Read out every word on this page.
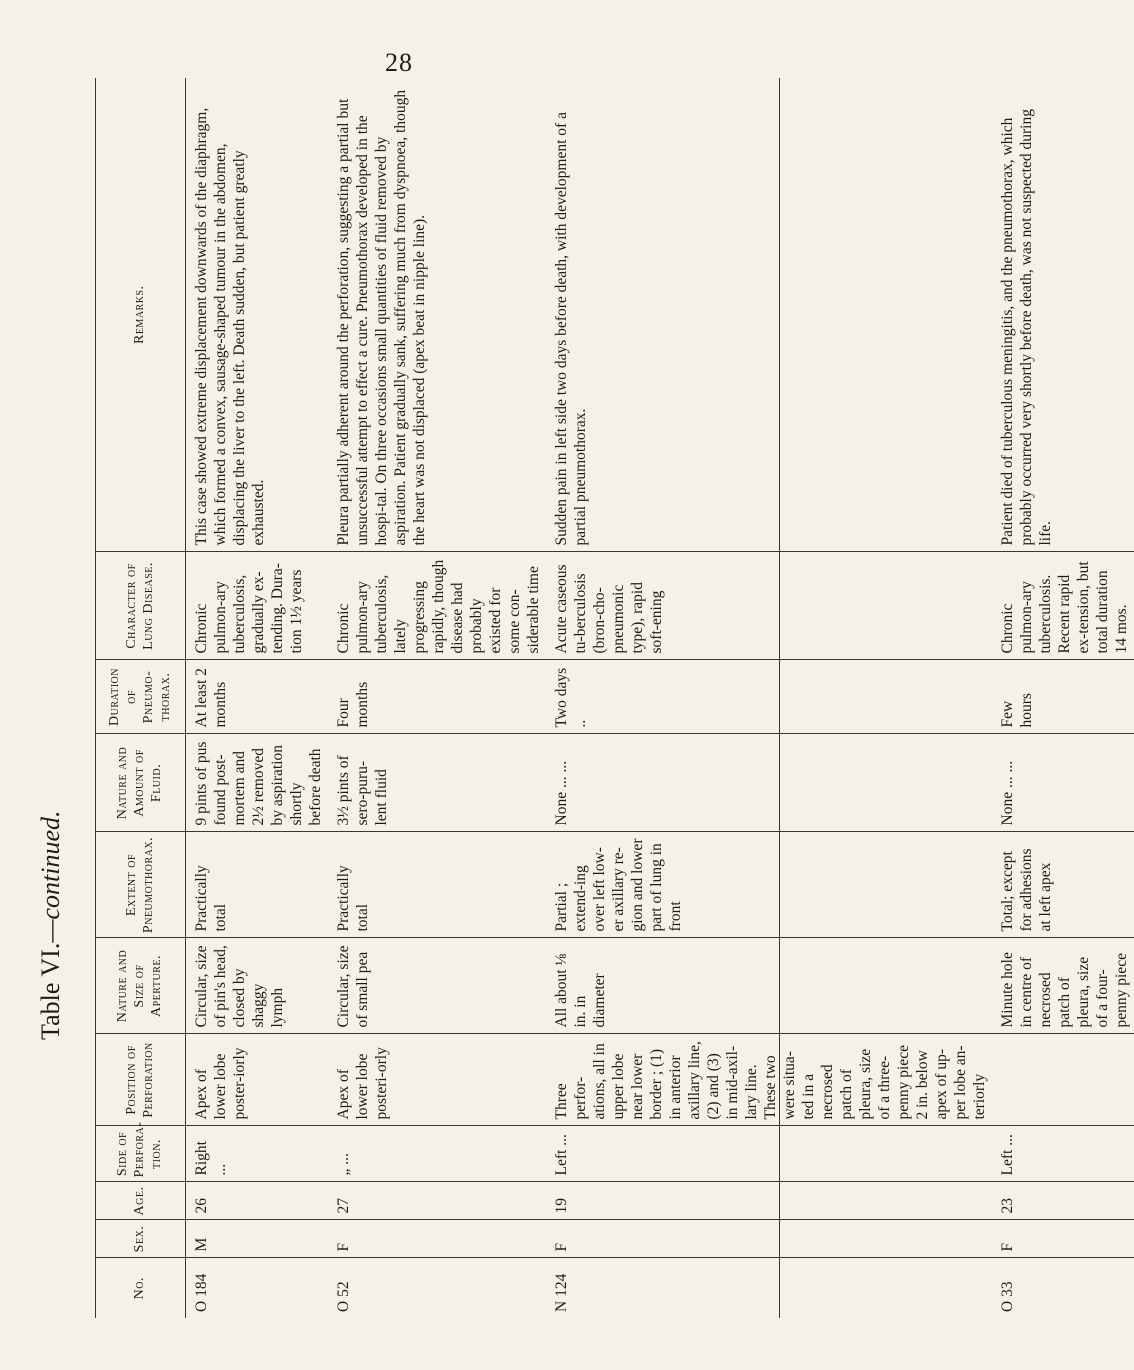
28
Table VI.—continued.
No.	Sex.	Age.	Side of Perfora-tion.	Position of Perforation	Nature and Size of Aperture.	Extent of Pneumothorax.	Nature and Amount of Fluid.	Duration of Pneumo-thorax.	Character of Lung Disease.	Remarks.
O 184	M	26	Right ...	Apex of lower lobe poster-iorly	Circular, size of pin's head, closed by shaggy lymph	Practically total	9 pints of pus found post-mortem and 2½ removed by aspiration shortly before death	At least 2 months	Chronic pulmon-ary tuberculosis, gradually ex-tending. Dura-tion 1½ years	This case showed extreme displacement downwards of the diaphragm, which formed a convex, sausage-shaped tumour in the abdomen, displacing the liver to the left. Death sudden, but patient greatly exhausted.
O 52	F	27	„ ...	Apex of lower lobe posteri-orly	Circular, size of small pea	Practically total	3½ pints of sero-puru-lent fluid	Four months	Chronic pulmon-ary tuberculosis, lately progressing rapidly, though disease had probably existed for some con-siderable time	Pleura partially adherent around the perforation, suggesting a partial but unsuccessful attempt to effect a cure. Pneumothorax developed in the hospi-tal. On three occasions small quantities of fluid removed by aspiration. Patient gradually sank, suffering much from dyspnoea, though the heart was not displaced (apex beat in nipple line).
N 124	F	19	Left ...	Three perfor-ations, all in upper lobe near lower border ; (1) in anterior axillary line, (2) and (3) in mid-axil-lary line. These two were situa-ted in a necrosed patch of pleura, size of a three-penny piece 2 in. below apex of up-per lobe an-teriorly	All about ⅛ in. in diameter	Partial ; extend-ing over left low-er axillary re-gion and lower part of lung in front	None ... ...	Two days ..	Acute caseous tu-berculosis (bron-cho-pneumonic type), rapid soft-ening	Sudden pain in left side two days before death, with development of a partial pneumothorax.
O 33	F	23	Left ...		Minute hole in centre of necrosed patch of pleura, size of a four-penny piece	Total; except for adhesions at left apex	None ... ...	Few hours	Chronic pulmon-ary tuberculosis. Recent rapid ex-tension, but total duration 14 mos.	Patient died of tuberculous meningitis, and the pneumothorax, which probably occurred very shortly before death, was not suspected during life.
